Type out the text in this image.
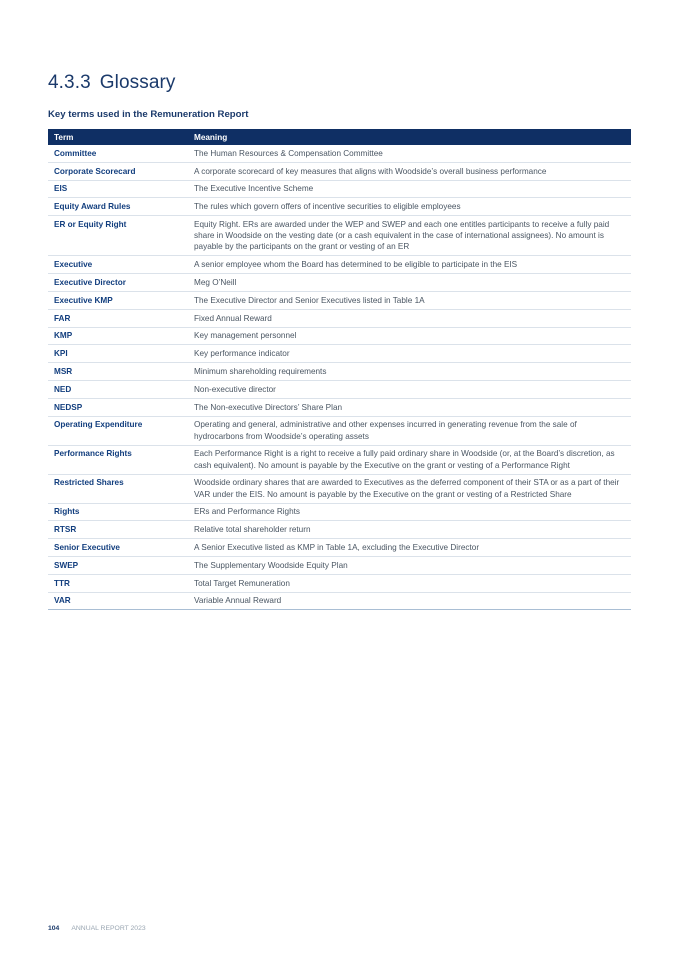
4.3.3 Glossary
Key terms used in the Remuneration Report
Term	Meaning
Committee	The Human Resources & Compensation Committee
Corporate Scorecard	A corporate scorecard of key measures that aligns with Woodside’s overall business performance
EIS	The Executive Incentive Scheme
Equity Award Rules	The rules which govern offers of incentive securities to eligible employees
ER or Equity Right	Equity Right. ERs are awarded under the WEP and SWEP and each one entitles participants to receive a fully paid share in Woodside on the vesting date (or a cash equivalent in the case of international assignees). No amount is payable by the participants on the grant or vesting of an ER
Executive	A senior employee whom the Board has determined to be eligible to participate in the EIS
Executive Director	Meg O’Neill
Executive KMP	The Executive Director and Senior Executives listed in Table 1A
FAR	Fixed Annual Reward
KMP	Key management personnel
KPI	Key performance indicator
MSR	Minimum shareholding requirements
NED	Non-executive director
NEDSP	The Non-executive Directors’ Share Plan
Operating Expenditure	Operating and general, administrative and other expenses incurred in generating revenue from the sale of hydrocarbons from Woodside’s operating assets
Performance Rights	Each Performance Right is a right to receive a fully paid ordinary share in Woodside (or, at the Board’s discretion, as cash equivalent). No amount is payable by the Executive on the grant or vesting of a Performance Right
Restricted Shares	Woodside ordinary shares that are awarded to Executives as the deferred component of their STA or as a part of their VAR under the EIS. No amount is payable by the Executive on the grant or vesting of a Restricted Share
Rights	ERs and Performance Rights
RTSR	Relative total shareholder return
Senior Executive	A Senior Executive listed as KMP in Table 1A, excluding the Executive Director
SWEP	The Supplementary Woodside Equity Plan
TTR	Total Target Remuneration
VAR	Variable Annual Reward
104 ANNUAL REPORT 2023
